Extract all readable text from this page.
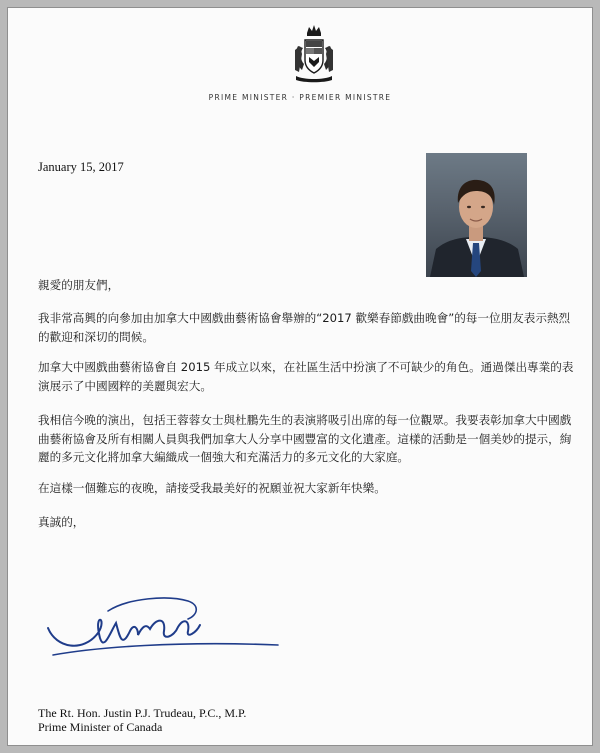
PRIME MINISTER · PREMIER MINISTRE
January 15, 2017
親愛的朋友們，
我非常高興的向參加由加拿大中國戲曲藝術協會舉辦的“2017 歡樂春節戲曲晚會”的每一位朋友表示熱烈的歡迎和深切的問候。
加拿大中國戲曲藝術協會自 2015 年成立以來，在社區生活中扮演了不可缺少的角色。通過傑出專業的表演展示了中國國粹的美麗與宏大。
我相信今晚的演出，包括王蓉蓉女士與杜鵬先生的表演將吸引出席的每一位觀眾。我要表彰加拿大中國戲曲藝術協會及所有相關人員與我們加拿大人分享中國豐富的文化遺產。這樣的活動是一個美妙的提示，絢麗的多元文化將加拿大編織成一個強大和充滿活力的多元文化的大家庭。
在這樣一個難忘的夜晚，請接受我最美好的祝願並祝大家新年快樂。
真誠的，
The Rt. Hon. Justin P.J. Trudeau, P.C., M.P.
Prime Minister of Canada
